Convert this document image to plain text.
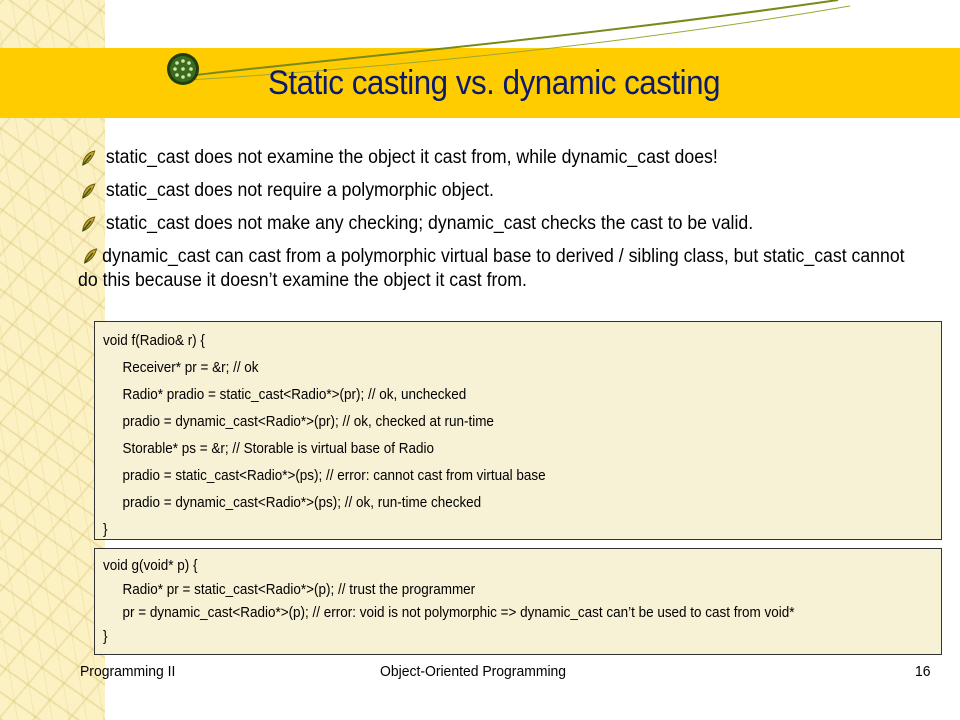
Static casting vs. dynamic casting
static_cast does not examine the object it cast from, while dynamic_cast does!
static_cast does not require a polymorphic object.
static_cast does not make any checking; dynamic_cast checks the cast to be valid.
dynamic_cast can cast from a polymorphic virtual base to derived / sibling class, but static_cast cannot do this because it doesn’t examine the object it cast from.
void f(Radio& r) {
Receiver* pr = &r; // ok
Radio* pradio = static_cast<Radio*>(pr); // ok, unchecked
pradio = dynamic_cast<Radio*>(pr); // ok, checked at run-time
Storable* ps = &r; // Storable is virtual base of Radio
pradio = static_cast<Radio*>(ps); // error: cannot cast from virtual base
pradio = dynamic_cast<Radio*>(ps); // ok, run-time checked
}
void g(void* p) {
Radio* pr = static_cast<Radio*>(p); // trust the programmer
pr = dynamic_cast<Radio*>(p); // error: void is not polymorphic => dynamic_cast can’t be used to cast from void*
}
Programming II	Object-Oriented Programming	16
